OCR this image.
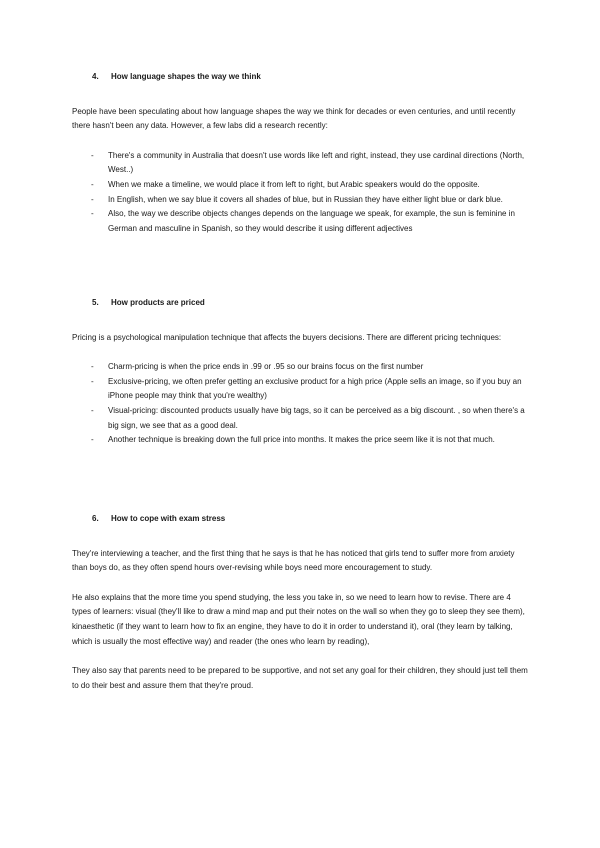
4.	How language shapes the way we think

People have been speculating about how language shapes the way we think for decades or even centuries, and until recently there hasn't been any data. However, a few labs did a research recently:

- There's a community in Australia that doesn't use words like left and right, instead, they use cardinal directions (North, West..)
- When we make a timeline, we would place it from left to right, but Arabic speakers would do the opposite.
- In English, when we say blue it covers all shades of blue, but in Russian they have either light blue or dark blue.
- Also, the way we describe objects changes depends on the language we speak, for example, the sun is feminine in German and masculine in Spanish, so they would describe it using different adjectives
5.	How products are priced

Pricing is a psychological manipulation technique that affects the buyers decisions. There are different pricing techniques:

- Charm-pricing is when the price ends in .99 or .95 so our brains focus on the first number
- Exclusive-pricing, we often prefer getting an exclusive product for a high price (Apple sells an image, so if you buy an iPhone people may think that you're wealthy)
- Visual-pricing: discounted products usually have big tags, so it can be perceived as a big discount. , so when there's a big sign, we see that as a good deal.
- Another technique is breaking down the full price into months. It makes the price seem like it is not that much.
6.	How to cope with exam stress

They're interviewing a teacher, and the first thing that he says is that he has noticed that girls tend to suffer more from anxiety than boys do, as they often spend hours over-revising while boys need more encouragement to study.

He also explains that the more time you spend studying, the less you take in, so we need to learn how to revise. There are 4 types of learners: visual (they'll like to draw a mind map and put their notes on the wall so when they go to sleep they see them), kinaesthetic (if they want to learn how to fix an engine, they have to do it in order to understand it), oral (they learn by talking, which is usually the most effective way) and reader (the ones who learn by reading),

They also say that parents need to be prepared to be supportive, and not set any goal for their children, they should just tell them to do their best and assure them that they're proud.
